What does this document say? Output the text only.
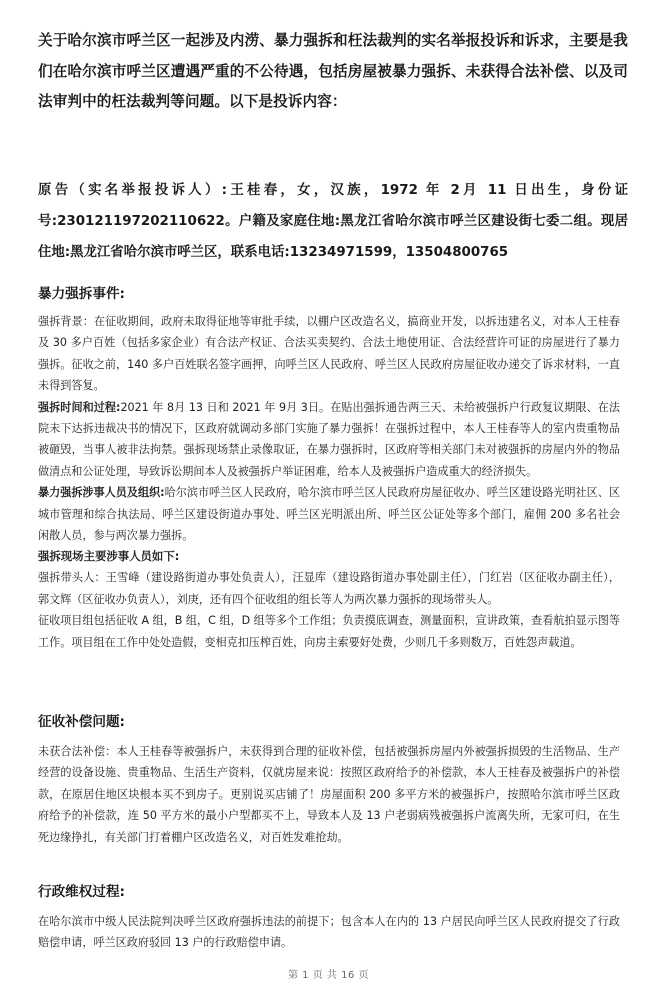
关于哈尔滨市呼兰区一起涉及内涝、暴力强拆和枉法裁判的实名举报投诉和诉求，主要是我们在哈尔滨市呼兰区遭遇严重的不公待遇，包括房屋被暴力强拆、未获得合法补偿、以及司法审判中的枉法裁判等问题。以下是投诉内容：
原告（实名举报投诉人）:王桂春，女，汉族，1972 年 2月 11 日出生，身份证号:230121197202110622。户籍及家庭住地:黑龙江省哈尔滨市呼兰区建设街七委二组。现居住地:黑龙江省哈尔滨市呼兰区，联系电话:13234971599，13504800765
暴力强拆事件:

强拆背景：在征收期间，政府未取得征地等审批手续，以棚户区改造名义，搞商业开发，以拆违建名义，对本人王桂春及 30 多户百姓（包括多家企业）有合法产权证、合法买卖契约、合法土地使用证、合法经营许可证的房屋进行了暴力强拆。征收之前，140 多户百姓联名签字画押，向呼兰区人民政府、呼兰区人民政府房屋征收办递交了诉求材料，一直未得到答复。

强拆时间和过程:2021 年 8月 13 日和 2021 年 9月 3日。在贴出强拆通告两三天、未给被强拆户行政复议期限、在法院未下达拆违裁决书的情况下，区政府就调动多部门实施了暴力强拆！在强拆过程中，本人王桂春等人的室内贵重物品被砸毁，当事人被非法拘禁。强拆现场禁止录像取证，在暴力强拆时，区政府等相关部门未对被强拆的房屋内外的物品做清点和公证处理，导致诉讼期间本人及被强拆户举证困难，给本人及被强拆户造成重大的经济损失。

暴力强拆涉事人员及组织:哈尔滨市呼兰区人民政府，哈尔滨市呼兰区人民政府房屋征收办、呼兰区建设路光明社区、区城市管理和综合执法局、呼兰区建设街道办事处、呼兰区光明派出所、呼兰区公证处等多个部门，雇佣 200 多名社会闲散人员，参与两次暴力强拆。

强拆现场主要涉事人员如下:

强拆带头人：王雪峰（建设路街道办事处负责人），汪显库（建设路街道办事处副主任），门红岩（区征收办副主任），郭文辉（区征收办负责人），刘庚，还有四个征收组的组长等人为两次暴力强拆的现场带头人。

征收项目组包括征收 A 组，B 组，C 组，D 组等多个工作组；负责摸底调查，测量面积，宣讲政策，查看航拍显示图等工作。项目组在工作中处处造假，变相克扣压榨百姓，向房主索要好处费，少则几千多则数万，百姓怨声载道。

征收补偿问题:

未获合法补偿：本人王桂春等被强拆户，未获得到合理的征收补偿，包括被强拆房屋内外被强拆损毁的生活物品、生产经营的设备设施、贵重物品、生活生产资料，仅就房屋来说：按照区政府给予的补偿款，本人王桂春及被强拆户的补偿款，在原居住地区块根本买不到房子。更别说买店铺了！房屋面积 200 多平方米的被强拆户，按照哈尔滨市呼兰区政府给予的补偿款，连 50 平方米的最小户型都买不上，导致本人及 13 户老弱病残被强拆户流离失所，无家可归，在生死边缘挣扎，有关部门打着棚户区改造名义，对百姓发难抢劫。

行政维权过程:

在哈尔滨市中级人民法院判决呼兰区政府强拆违法的前提下；包含本人在内的 13 户居民向呼兰区人民政府提交了行政赔偿申请，呼兰区政府驳回 13 户的行政赔偿申请。

第 1 页 共 16 页
